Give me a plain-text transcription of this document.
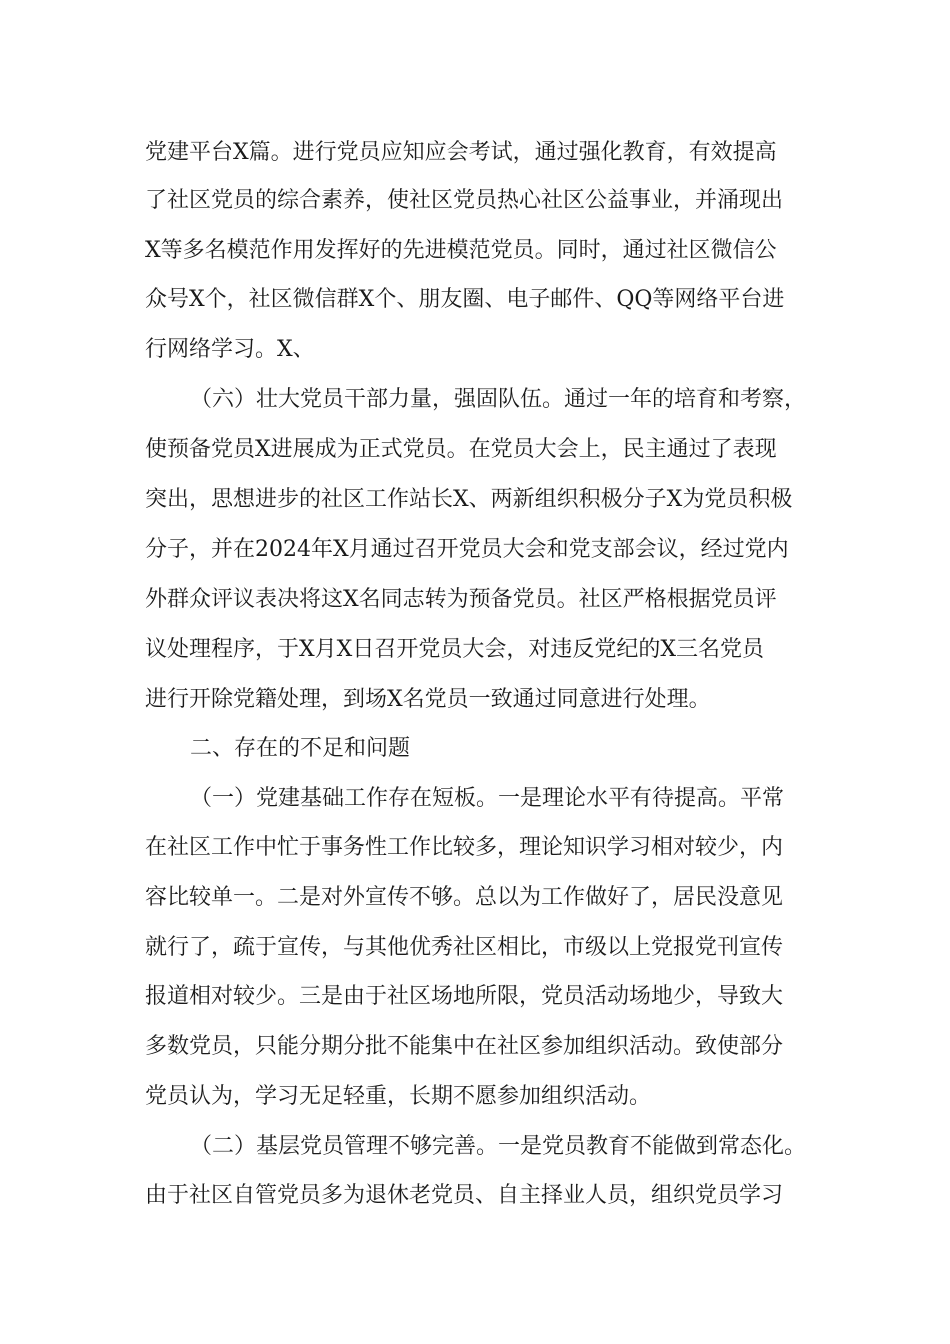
党建平台X篇。进行党员应知应会考试，通过强化教育，有效提高
了社区党员的综合素养，使社区党员热心社区公益事业，并涌现出
X等多名模范作用发挥好的先进模范党员。同时，通过社区微信公
众号X个，社区微信群X个、朋友圈、电子邮件、QQ等网络平台进
行网络学习。X、
（六）壮大党员干部力量，强固队伍。通过一年的培育和考察，
使预备党员X进展成为正式党员。在党员大会上，民主通过了表现
突出，思想进步的社区工作站长X、两新组织积极分子X为党员积极
分子，并在2024年X月通过召开党员大会和党支部会议，经过党内
外群众评议表决将这X名同志转为预备党员。社区严格根据党员评
议处理程序，于X月X日召开党员大会，对违反党纪的X三名党员
进行开除党籍处理，到场X名党员一致通过同意进行处理。
二、存在的不足和问题
（一）党建基础工作存在短板。一是理论水平有待提高。平常
在社区工作中忙于事务性工作比较多，理论知识学习相对较少，内
容比较单一。二是对外宣传不够。总以为工作做好了，居民没意见
就行了，疏于宣传，与其他优秀社区相比，市级以上党报党刊宣传
报道相对较少。三是由于社区场地所限，党员活动场地少，导致大
多数党员，只能分期分批不能集中在社区参加组织活动。致使部分
党员认为，学习无足轻重，长期不愿参加组织活动。
（二）基层党员管理不够完善。一是党员教育不能做到常态化。
由于社区自管党员多为退休老党员、自主择业人员，组织党员学习
